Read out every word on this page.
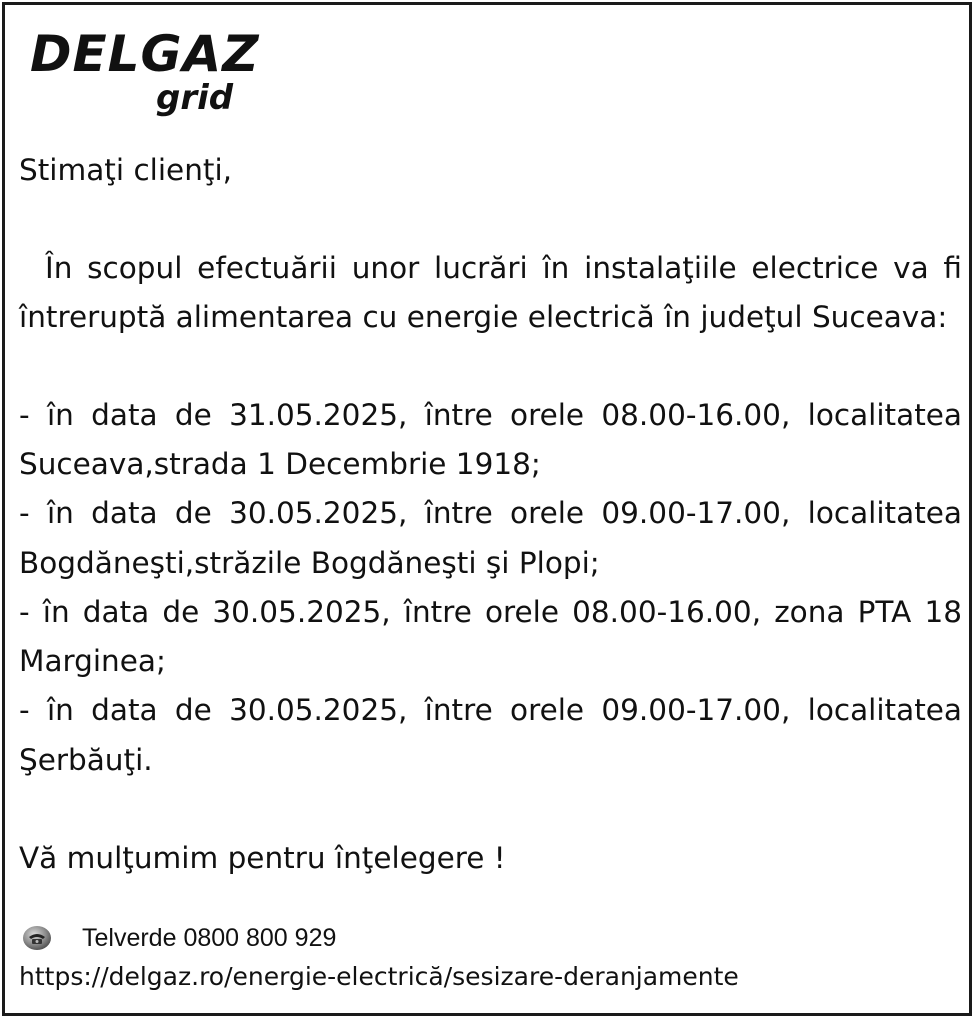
DELGAZ
grid
Stimaţi clienţi,
În scopul efectuării unor lucrări în instalaţiile electrice va fi
întreruptă alimentarea cu energie electrică în judeţul Suceava:
- în data de 31.05.2025, între orele 08.00-16.00, localitatea
Suceava,strada 1 Decembrie 1918;
- în data de 30.05.2025, între orele 09.00-17.00, localitatea
Bogdăneşti,străzile Bogdăneşti şi Plopi;
- în data de 30.05.2025, între orele 08.00-16.00, zona PTA 18
Marginea;
- în data de 30.05.2025, între orele 09.00-17.00, localitatea
Şerbăuţi.
Vă mulţumim pentru înţelegere !
Telverde 0800 800 929
https://delgaz.ro/energie-electrică/sesizare-deranjamente
